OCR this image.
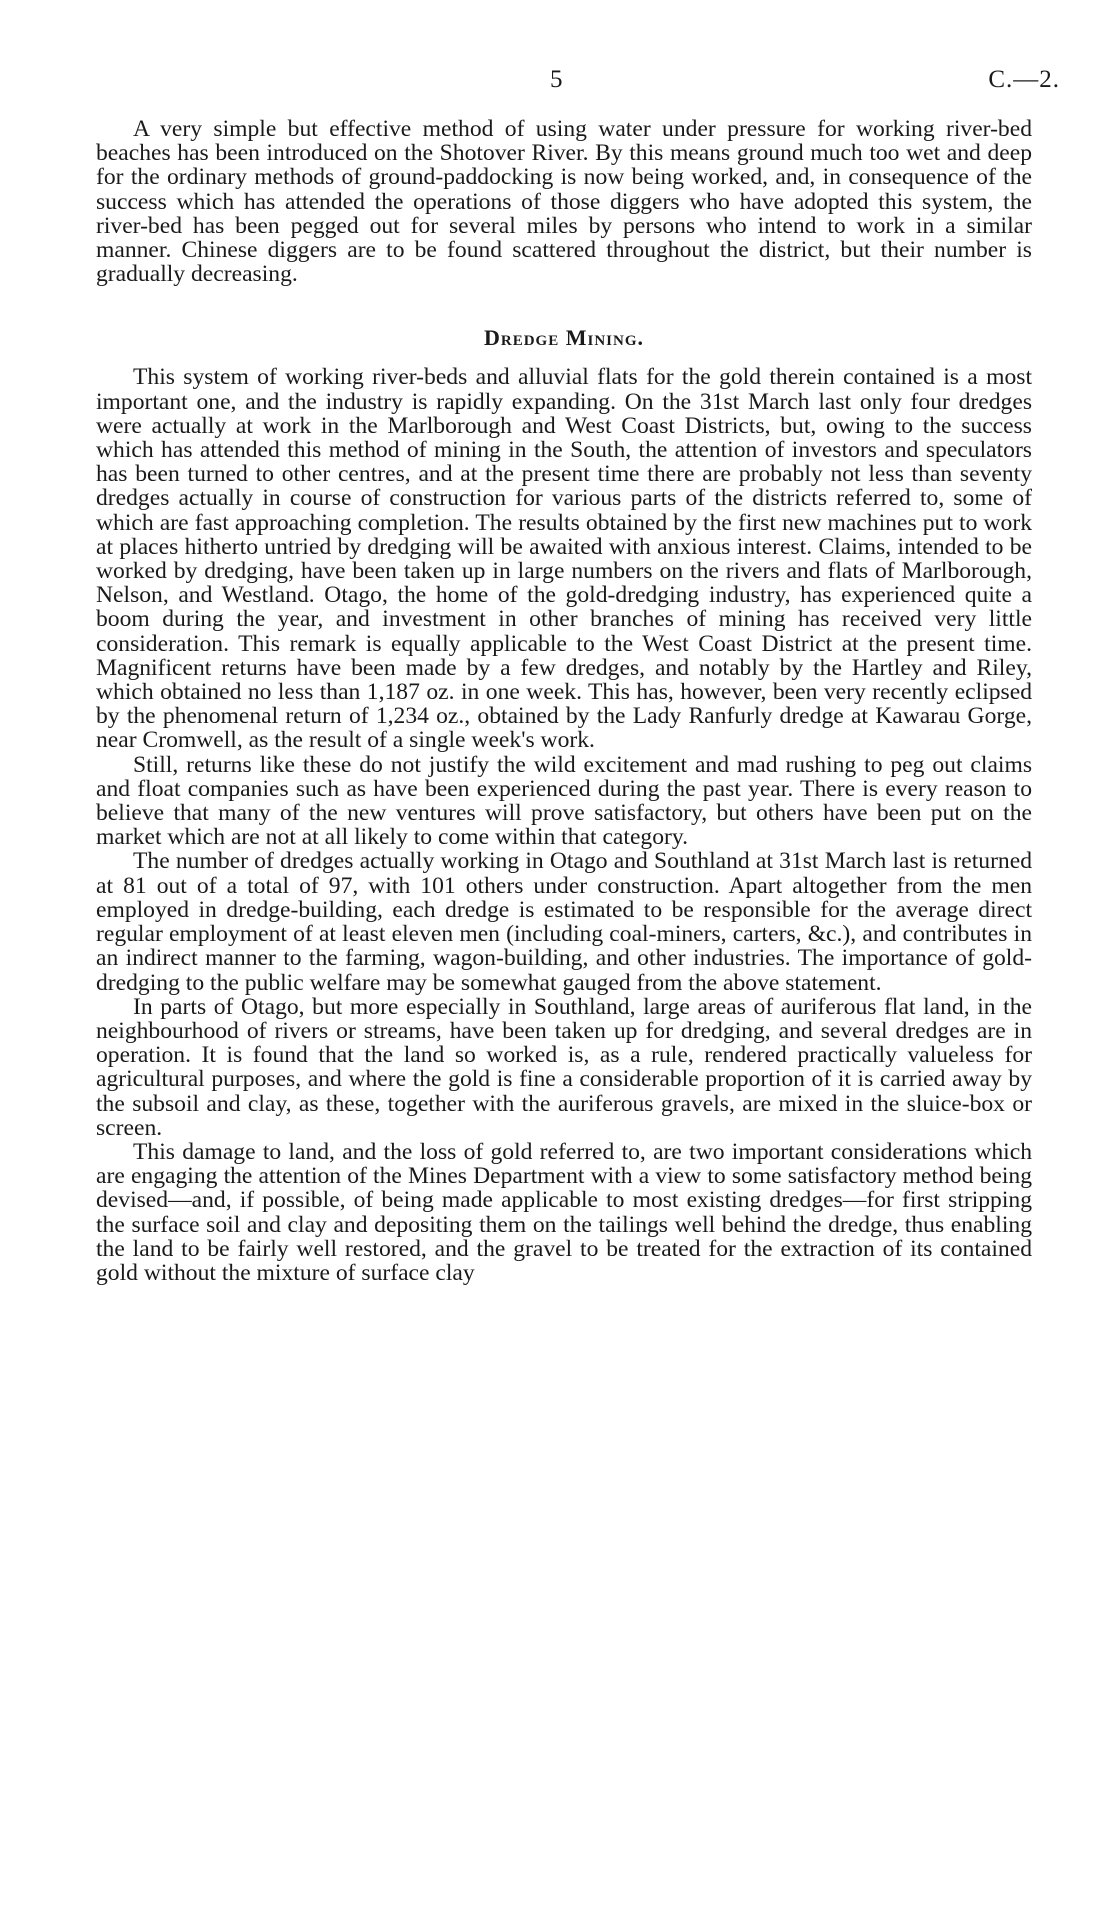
5	C.—2.

A very simple but effective method of using water under pressure for working river-bed beaches has been introduced on the Shotover River. By this means ground much too wet and deep for the ordinary methods of ground-paddocking is now being worked, and, in consequence of the success which has attended the operations of those diggers who have adopted this system, the river-bed has been pegged out for several miles by persons who intend to work in a similar manner. Chinese diggers are to be found scattered throughout the district, but their number is gradually decreasing.

Dredge Mining.

This system of working river-beds and alluvial flats for the gold therein contained is a most important one, and the industry is rapidly expanding. On the 31st March last only four dredges were actually at work in the Marlborough and West Coast Districts, but, owing to the success which has attended this method of mining in the South, the attention of investors and speculators has been turned to other centres, and at the present time there are probably not less than seventy dredges actually in course of construction for various parts of the districts referred to, some of which are fast approaching completion. The results obtained by the first new machines put to work at places hitherto untried by dredging will be awaited with anxious interest. Claims, intended to be worked by dredging, have been taken up in large numbers on the rivers and flats of Marlborough, Nelson, and Westland. Otago, the home of the gold-dredging industry, has experienced quite a boom during the year, and investment in other branches of mining has received very little consideration. This remark is equally applicable to the West Coast District at the present time. Magnificent returns have been made by a few dredges, and notably by the Hartley and Riley, which obtained no less than 1,187 oz. in one week. This has, however, been very recently eclipsed by the phenomenal return of 1,234 oz., obtained by the Lady Ranfurly dredge at Kawarau Gorge, near Cromwell, as the result of a single week's work.

Still, returns like these do not justify the wild excitement and mad rushing to peg out claims and float companies such as have been experienced during the past year. There is every reason to believe that many of the new ventures will prove satisfactory, but others have been put on the market which are not at all likely to come within that category.

The number of dredges actually working in Otago and Southland at 31st March last is returned at 81 out of a total of 97, with 101 others under construction. Apart altogether from the men employed in dredge-building, each dredge is estimated to be responsible for the average direct regular employment of at least eleven men (including coal-miners, carters, &c.), and contributes in an indirect manner to the farming, wagon-building, and other industries. The importance of gold-dredging to the public welfare may be somewhat gauged from the above statement.

In parts of Otago, but more especially in Southland, large areas of auriferous flat land, in the neighbourhood of rivers or streams, have been taken up for dredging, and several dredges are in operation. It is found that the land so worked is, as a rule, rendered practically valueless for agricultural purposes, and where the gold is fine a considerable proportion of it is carried away by the subsoil and clay, as these, together with the auriferous gravels, are mixed in the sluice-box or screen.

This damage to land, and the loss of gold referred to, are two important considerations which are engaging the attention of the Mines Department with a view to some satisfactory method being devised—and, if possible, of being made applicable to most existing dredges—for first stripping the surface soil and clay and depositing them on the tailings well behind the dredge, thus enabling the land to be fairly well restored, and the gravel to be treated for the extraction of its contained gold without the mixture of surface clay
